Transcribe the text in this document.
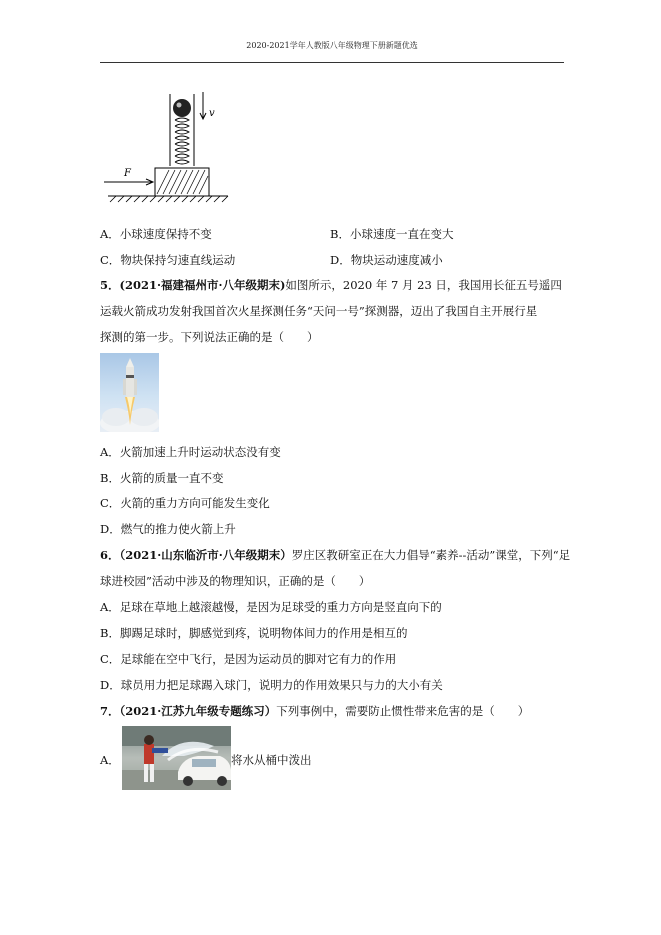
2020-2021学年人教版八年级物理下册新题优选
v
F
A．小球速度保持不变	B．小球速度一直在变大
C．物块保持匀速直线运动	D．物块运动速度减小
5．(2021·福建福州市·八年级期末)如图所示，2020 年 7 月 23 日，我国用长征五号遥四
运载火箭成功发射我国首次火星探测任务“天问一号”探测器，迈出了我国自主开展行星
探测的第一步。下列说法正确的是（　　）
A．火箭加速上升时运动状态没有变
B．火箭的质量一直不变
C．火箭的重力方向可能发生变化
D．燃气的推力使火箭上升
6．（2021·山东临沂市·八年级期末）罗庄区教研室正在大力倡导“素养--活动”课堂，下列“足
球进校园”活动中涉及的物理知识，正确的是（　　）
A．足球在草地上越滚越慢，是因为足球受的重力方向是竖直向下的
B．脚踢足球时，脚感觉到疼，说明物体间力的作用是相互的
C．足球能在空中飞行，是因为运动员的脚对它有力的作用
D．球员用力把足球踢入球门，说明力的作用效果只与力的大小有关
7．（2021·江苏九年级专题练习）下列事例中，需要防止惯性带来危害的是（　　）
A．	将水从桶中泼出
